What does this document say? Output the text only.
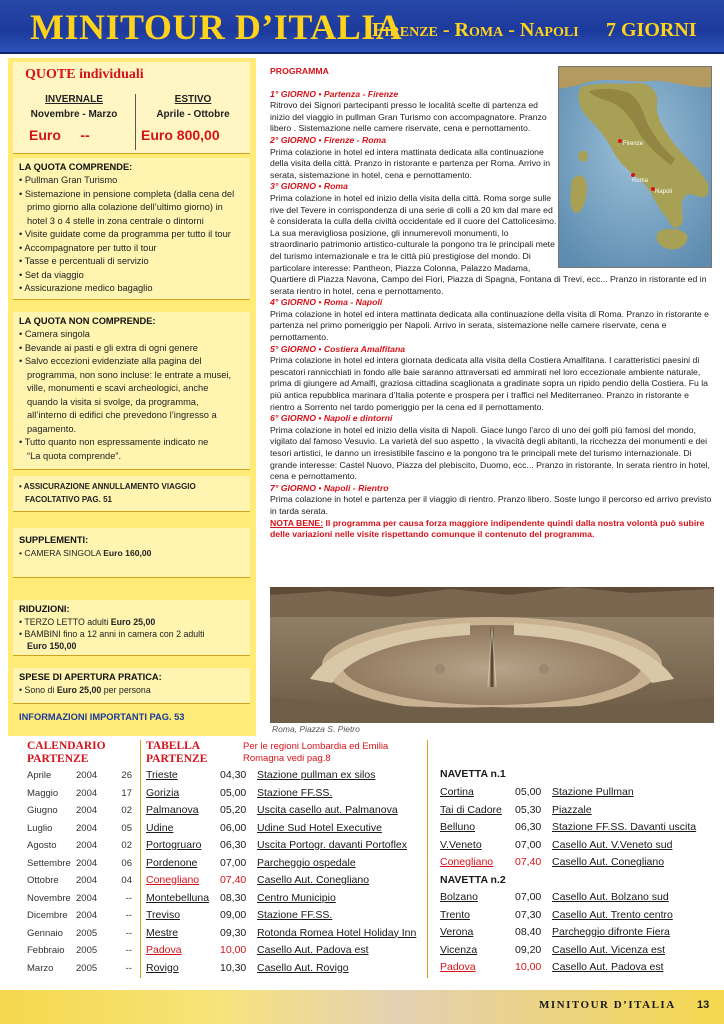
MINITOUR D’ITALIA
Firenze - Roma - Napoli 7 GIORNI
QUOTE individuali
INVERNALE
Novembre - Marzo
Euro     --
ESTIVO
Aprile - Ottobre
Euro 800,00
LA QUOTA COMPRENDE:
• Pullman Gran Turismo
• Sistemazione in pensione completa (dalla cena del
primo giorno alla colazione dell’ultimo giorno) in
hotel 3 o 4 stelle in zona centrale o dintorni
• Visite guidate come da programma per tutto il tour
• Accompagnatore per tutto il tour
• Tasse e percentuali di servizio
• Set da viaggio
• Assicurazione medico bagaglio
LA QUOTA NON COMPRENDE:
• Camera singola
• Bevande ai pasti e gli extra di ogni genere
• Salvo eccezioni evidenziate alla pagina del
programma, non sono incluse: le entrate a musei,
ville, monumenti e scavi archeologici, anche
quando la visita si svolge, da programma,
all’interno di edifici che prevedono l’ingresso a
pagamento.
• Tutto quanto non espressamente indicato ne
“La quota comprende”.
• ASSICURAZIONE ANNULLAMENTO VIAGGIO
FACOLTATIVO PAG. 51
SUPPLEMENTI:
• CAMERA SINGOLA Euro 160,00
RIDUZIONI:
• TERZO LETTO adulti Euro 25,00
• BAMBINI fino a 12 anni in camera con 2 adulti
Euro 150,00
SPESE DI APERTURA PRATICA:
• Sono di Euro 25,00 per persona
INFORMAZIONI IMPORTANTI PAG. 53
PROGRAMMA
1° GIORNO • Partenza - Firenze
Ritrovo dei Signori partecipanti presso le località scelte di partenza ed inizio del viaggio in pullman Gran Turismo con accompagnatore. Pranzo libero . Sistemazione nelle camere riservate, cena e pernottamento.
2° GIORNO • Firenze - Roma
Prima colazione in hotel ed intera mattinata dedicata alla continuazione della visita della città. Pranzo in ristorante e partenza per Roma. Arrivo in serata, sistemazione in hotel, cena e pernottamento.
3° GIORNO • Roma
Prima colazione in hotel ed inizio della visita della città. Roma sorge sulle rive del Tevere in corrispondenza di una serie di colli a 20 km dal mare ed è considerata la culla della civiltà occidentale ed il cuore del Cattolicesimo. La sua meravigliosa posizione, gli innumerevoli monumenti, lo straordinario patrimonio artistico-culturale la pongono tra le principali mete del turismo internazionale e tra le città più prestigiose del mondo. Di particolare interesse: Pantheon, Piazza Colonna, Palazzo Madama, Quartiere di Piazza Navona, Campo dei Fiori, Piazza di Spagna, Fontana di Trevi, ecc... Pranzo in ristorante ed in serata rientro in hotel, cena e pernottamento.
4° GIORNO • Roma - Napoli
Prima colazione in hotel ed intera mattinata dedicata alla continuazione della visita di Roma. Pranzo in ristorante e partenza nel primo pomeriggio per Napoli. Arrivo in serata, sistemazione nelle camere riservate, cena e pernottamento.
5° GIORNO • Costiera Amalfitana
Prima colazione in hotel ed intera giornata dedicata alla visita della Costiera Amalfitana. I caratteristici paesini di pescatori rannicchiati in fondo alle baie saranno attraversati ed ammirati nel loro eccezionale ambiente naturale, prima di giungere ad Amalfi, graziosa cittadina scaglionata a gradinate sopra un ripido pendio della Costiera. Fu la più antica repubblica marinara d’Italia potente e prospera per i traffici nel Mediterraneo. Pranzo in ristorante e rientro a Sorrento nel tardo pomeriggio per la cena ed il pernottamento.
6° GIORNO • Napoli e dintorni
Prima colazione in hotel ed inizio della visita di Napoli. Giace lungo l’arco di uno dei golfi più famosi del mondo, vigilato dal famoso Vesuvio. La varietà del suo aspetto , la vivacità degli abitanti, la ricchezza dei monumenti e dei tesori artistici, le danno un irresistibile fascino e la pongono tra le principali mete del turismo internazionale. Di grande interesse: Castel Nuovo, Piazza del plebiscito, Duomo, ecc... Pranzo in ristorante. In serata rientro in hotel, cena e pernottamento.
7° GIORNO • Napoli - Rientro
Prima colazione in hotel e partenza per il viaggio di rientro. Pranzo libero. Soste lungo il percorso ed arrivo previsto in tarda serata.
NOTA BENE: Il programma per causa forza maggiore indipendente quindi dalla nostra volontà può subire delle variazioni nelle visite rispettando comunque il contenuto del programma.
Firenze
Roma
Napoli
Roma, Piazza S. Pietro
CALENDARIO
PARTENZE
Aprile	2004	26
Maggio 2004	17
Giugno 2004	02
Luglio 2004	05
Agosto 2004	02
Settembre 2004	06
Ottobre 2004	04
Novembre 2004	--
Dicembre 2004	--
Gennaio 2005	--
Febbraio 2005	--
Marzo 2005	--
TABELLA
PARTENZE
Per le regioni Lombardia ed Emilia
Romagna vedi pag.8
Trieste	04,30 Stazione pullman ex silos
Gorizia	05,00 Stazione FF.SS.
Palmanova 05,20 Uscita casello aut. Palmanova
Udine	06,00 Udine Sud Hotel Executive
Portogruaro 06,30 Uscita Portogr. davanti Portoflex
Pordenone 07,00 Parcheggio ospedale
Conegliano 07,40 Casello Aut. Conegliano
Montebelluna 08,30 Centro Municipio
Treviso	09,00 Stazione FF.SS.
Mestre	09,30 Rotonda Romea Hotel Holiday Inn
Padova	10,00 Casello Aut. Padova est
Rovigo	10,30 Casello Aut. Rovigo
NAVETTA n.1
Cortina	05,00 Stazione Pullman
Tai di Cadore 05,30 Piazzale
Belluno	06,30 Stazione FF.SS. Davanti uscita
V.Veneto	07,00 Casello Aut. V.Veneto sud
Conegliano 07,40 Casello Aut. Conegliano
NAVETTA n.2
Bolzano	07,00 Casello Aut. Bolzano sud
Trento	07,30 Casello Aut. Trento centro
Verona	08,40 Parcheggio difronte Fiera
Vicenza	09,20 Casello Aut. Vicenza est
Padova	10,00 Casello Aut. Padova est
MINITOUR D’ITALIA 13
